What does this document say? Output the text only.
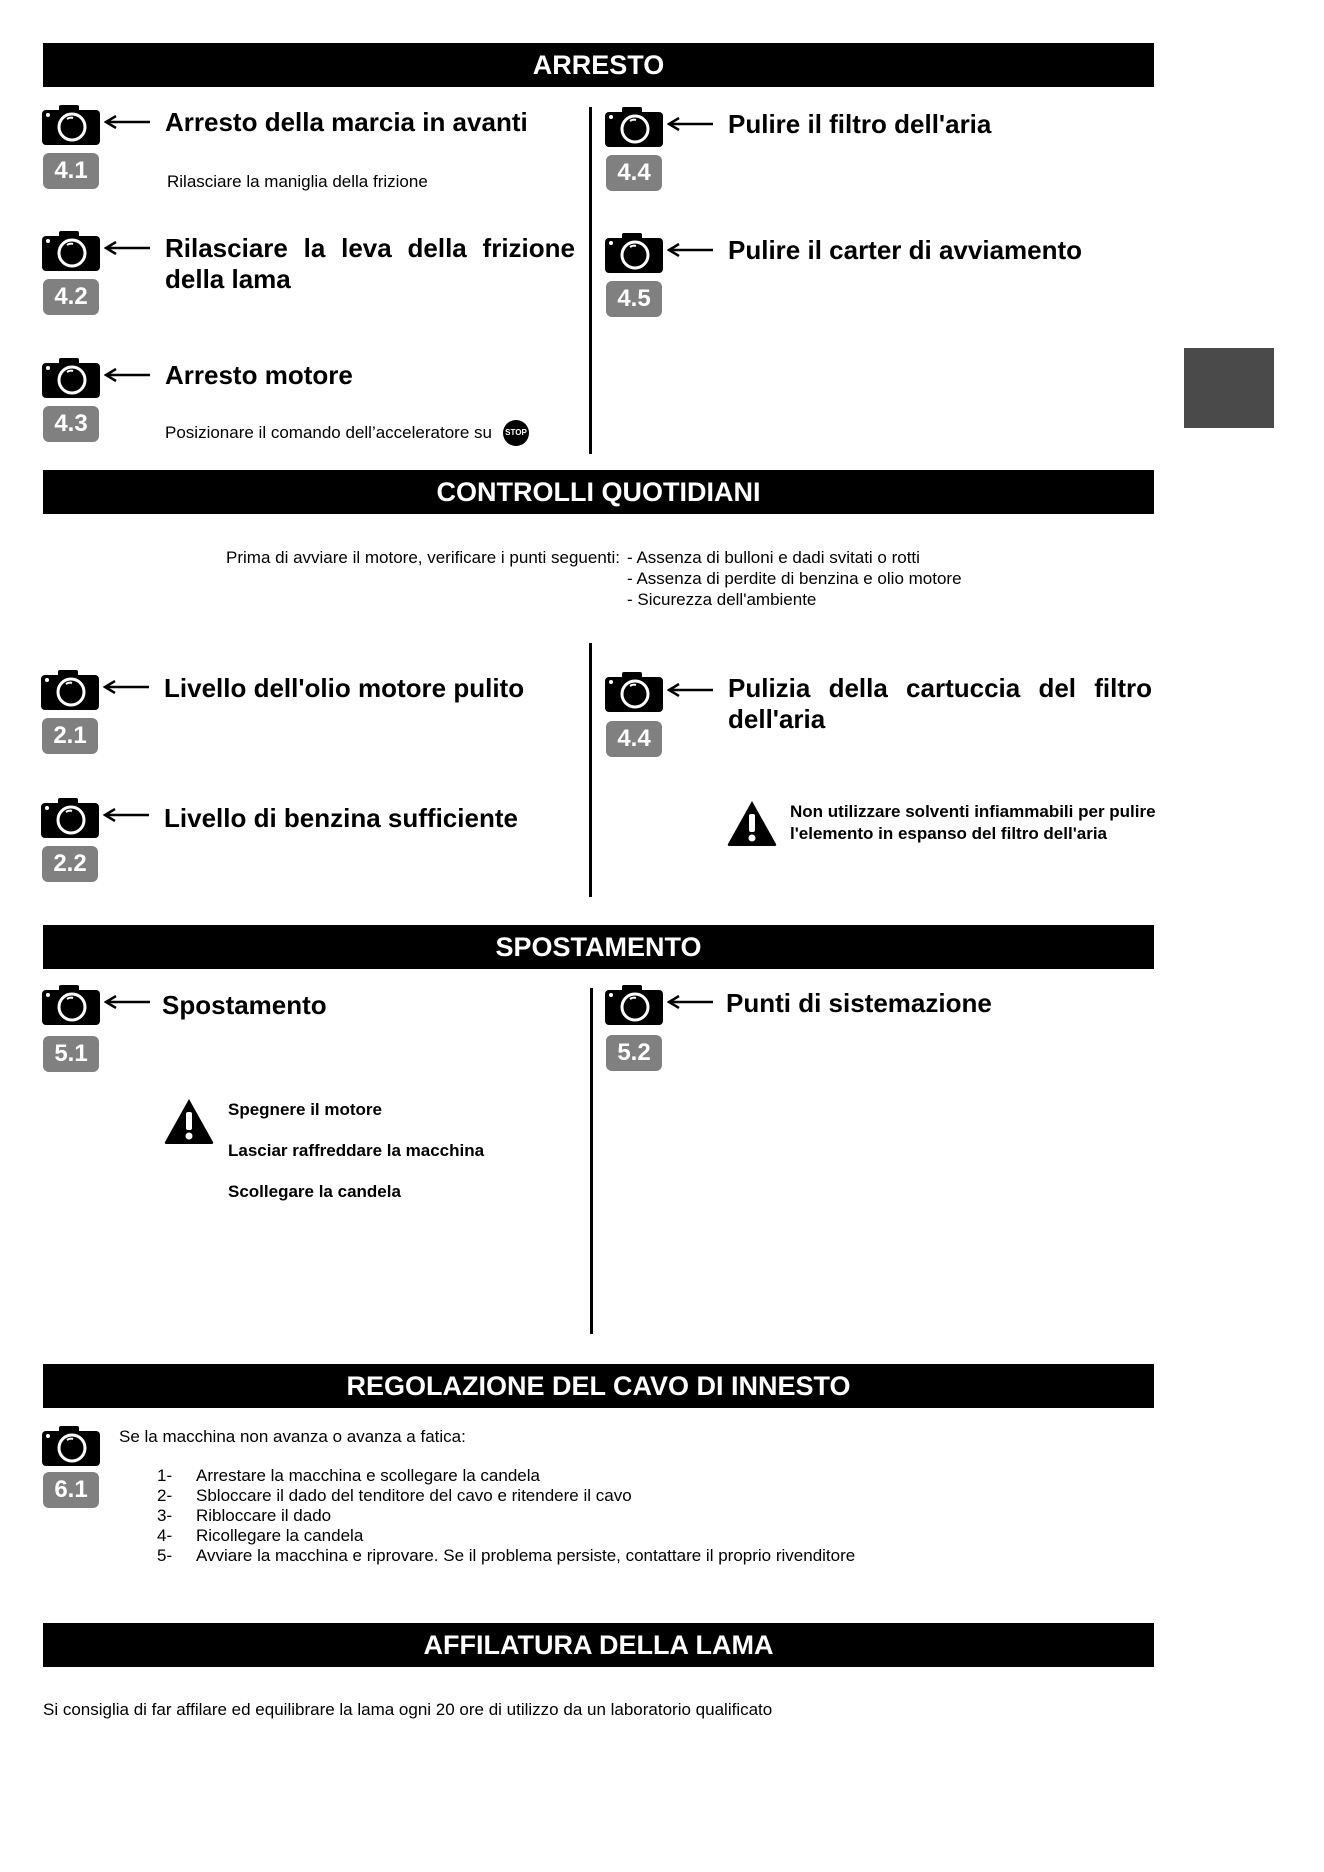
ARRESTO
4.1
Arresto della marcia in avanti
Rilasciare la maniglia della frizione
4.2
Rilasciare la leva della frizione
della lama
4.3
Arresto motore
Posizionare il comando dell’acceleratore su STOP
4.4
Pulire il filtro dell'aria
4.5
Pulire il carter di avviamento
CONTROLLI QUOTIDIANI
Prima di avviare il motore, verificare i punti seguenti: - Assenza di bulloni e dadi svitati o rotti
- Assenza di perdite di benzina e olio motore
- Sicurezza dell'ambiente
2.1
Livello dell'olio motore pulito
2.2
Livello di benzina sufficiente
4.4
Pulizia della cartuccia del filtro
dell'aria
Non utilizzare solventi infiammabili per pulire
l'elemento in espanso del filtro dell'aria
SPOSTAMENTO
5.1
Spostamento
Spegnere il motore
Lasciar raffreddare la macchina
Scollegare la candela
5.2
Punti di sistemazione
REGOLAZIONE DEL CAVO DI INNESTO
6.1
Se la macchina non avanza o avanza a fatica:
1- Arrestare la macchina e scollegare la candela
2- Sbloccare il dado del tenditore del cavo e ritendere il cavo
3- Ribloccare il dado
4- Ricollegare la candela
5- Avviare la macchina e riprovare. Se il problema persiste, contattare il proprio rivenditore
AFFILATURA DELLA LAMA
Si consiglia di far affilare ed equilibrare la lama ogni 20 ore di utilizzo da un laboratorio qualificato
